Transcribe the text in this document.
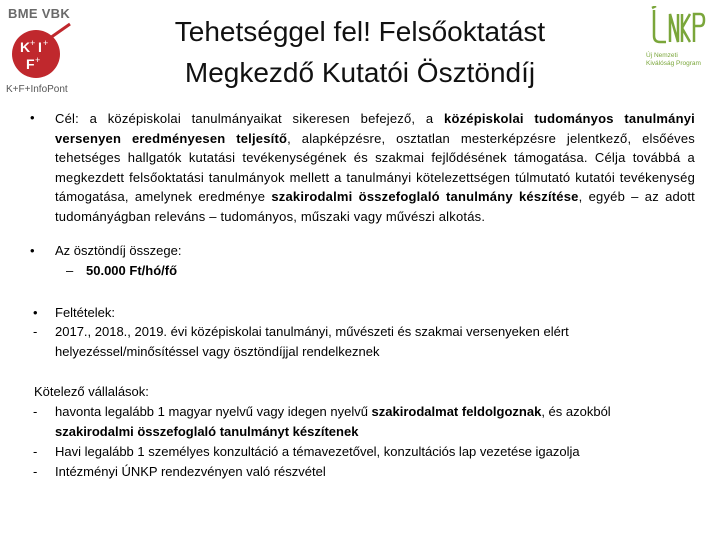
BME VBK
K + I +
F +
K+F+InfoPont
Tehetséggel fel! Felsőoktatást
Megkezdő Kutatói Ösztöndíj
Új Nemzeti
Kiválóság Program
• Cél: a középiskolai tanulmányaikat sikeresen befejező, a középiskolai tudományos tanulmányi versenyen eredményesen teljesítő, alapképzésre, osztatlan mesterképzésre jelentkező, elsőéves tehetséges hallgatók kutatási tevékenységének és szakmai fejlődésének támogatása. Célja továbbá a megkezdett felsőoktatási tanulmányok mellett a tanulmányi kötelezettségen túlmutató kutatói tevékenység támogatása, amelynek eredménye szakirodalmi összefoglaló tanulmány készítése, egyéb – az adott tudományágban releváns – tudományos, műszaki vagy művészi alkotás.

• Az ösztöndíj összege:
– 50.000 Ft/hó/fő
• Feltételek:
- 2017., 2018., 2019. évi középiskolai tanulmányi, művészeti és szakmai versenyeken elért
helyezéssel/minősítéssel vagy ösztöndíjjal rendelkeznek
Kötelező vállalások:
- havonta legalább 1 magyar nyelvű vagy idegen nyelvű szakirodalmat feldolgoznak, és azokból
szakirodalmi összefoglaló tanulmányt készítenek
- Havi legalább 1 személyes konzultáció a témavezetővel, konzultációs lap vezetése igazolja
- Intézményi ÚNKP rendezvényen való részvétel
